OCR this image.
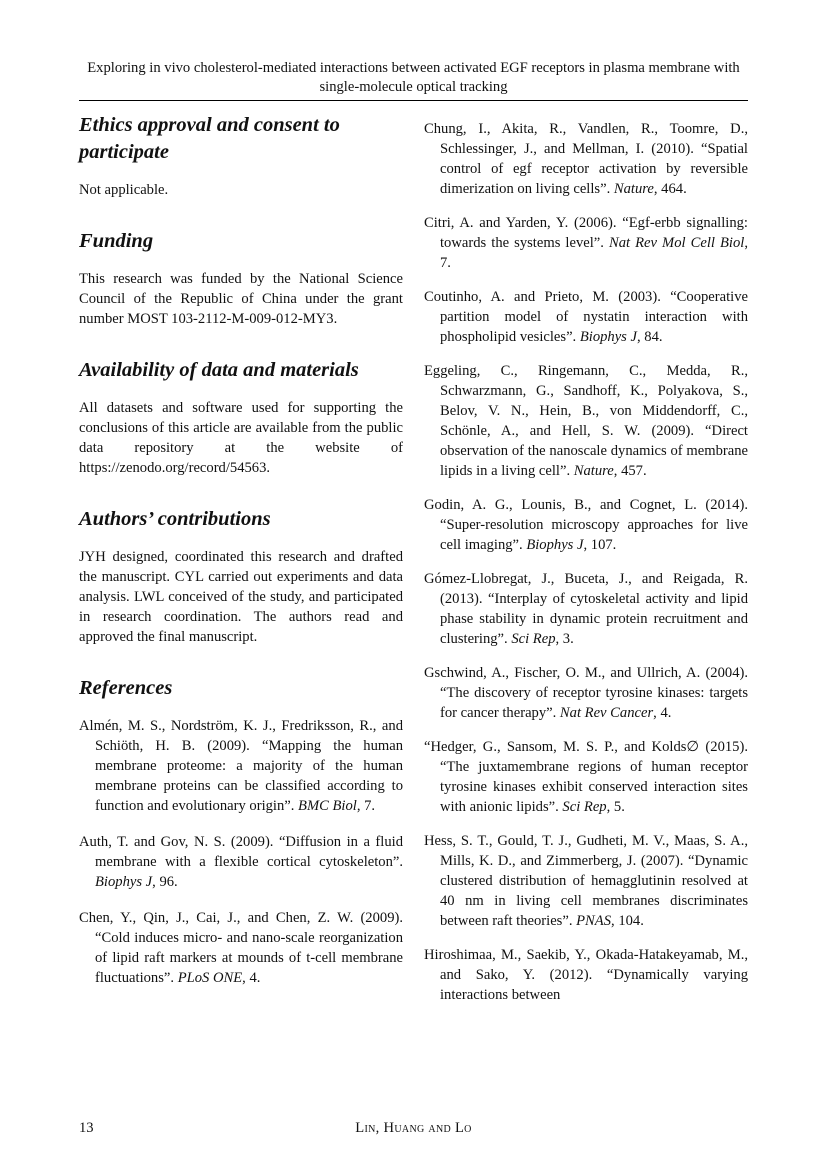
Exploring in vivo cholesterol-mediated interactions between activated EGF receptors in plasma membrane with single-molecule optical tracking
Ethics approval and consent to participate

Not applicable.

Funding

This research was funded by the National Science Council of the Republic of China under the grant number MOST 103-2112-M-009-012-MY3.

Availability of data and materials

All datasets and software used for supporting the conclusions of this article are available from the public data repository at the website of https://zenodo.org/record/54563.

Authors’ contributions

JYH designed, coordinated this research and drafted the manuscript. CYL carried out experiments and data analysis. LWL conceived of the study, and participated in research coordination. The authors read and approved the final manuscript.

References
Almén, M. S., Nordström, K. J., Fredriksson, R., and Schiöth, H. B. (2009). “Mapping the human membrane proteome: a majority of the human membrane proteins can be classified according to function and evolutionary origin”. BMC Biol, 7.
Auth, T. and Gov, N. S. (2009). “Diffusion in a fluid membrane with a flexible cortical cytoskeleton”. Biophys J, 96.
Chen, Y., Qin, J., Cai, J., and Chen, Z. W. (2009). “Cold induces micro- and nano-scale reorganization of lipid raft markers at mounds of t-cell membrane fluctuations”. PLoS ONE, 4.
Chung, I., Akita, R., Vandlen, R., Toomre, D., Schlessinger, J., and Mellman, I. (2010). “Spatial control of egf receptor activation by reversible dimerization on living cells”. Nature, 464.
Citri, A. and Yarden, Y. (2006). “Egf-erbb signalling: towards the systems level”. Nat Rev Mol Cell Biol, 7.
Coutinho, A. and Prieto, M. (2003). “Cooperative partition model of nystatin interaction with phospholipid vesicles”. Biophys J, 84.
Eggeling, C., Ringemann, C., Medda, R., Schwarzmann, G., Sandhoff, K., Polyakova, S., Belov, V. N., Hein, B., von Middendorff, C., Schönle, A., and Hell, S. W. (2009). “Direct observation of the nanoscale dynamics of membrane lipids in a living cell”. Nature, 457.
Godin, A. G., Lounis, B., and Cognet, L. (2014). “Super-resolution microscopy approaches for live cell imaging”. Biophys J, 107.
Gómez-Llobregat, J., Buceta, J., and Reigada, R. (2013). “Interplay of cytoskeletal activity and lipid phase stability in dynamic protein recruitment and clustering”. Sci Rep, 3.
Gschwind, A., Fischer, O. M., and Ullrich, A. (2004). “The discovery of receptor tyrosine kinases: targets for cancer therapy”. Nat Rev Cancer, 4.
“Hedger, G., Sansom, M. S. P., and Kolds∅ (2015). “The juxtamembrane regions of human receptor tyrosine kinases exhibit conserved interaction sites with anionic lipids”. Sci Rep, 5.
Hess, S. T., Gould, T. J., Gudheti, M. V., Maas, S. A., Mills, K. D., and Zimmerberg, J. (2007). “Dynamic clustered distribution of hemagglutinin resolved at 40 nm in living cell membranes discriminates between raft theories”. PNAS, 104.
Hiroshimaa, M., Saekib, Y., Okada-Hatakeyamab, M., and Sako, Y. (2012). “Dynamically varying interactions between
13	Lin, Huang and Lo
